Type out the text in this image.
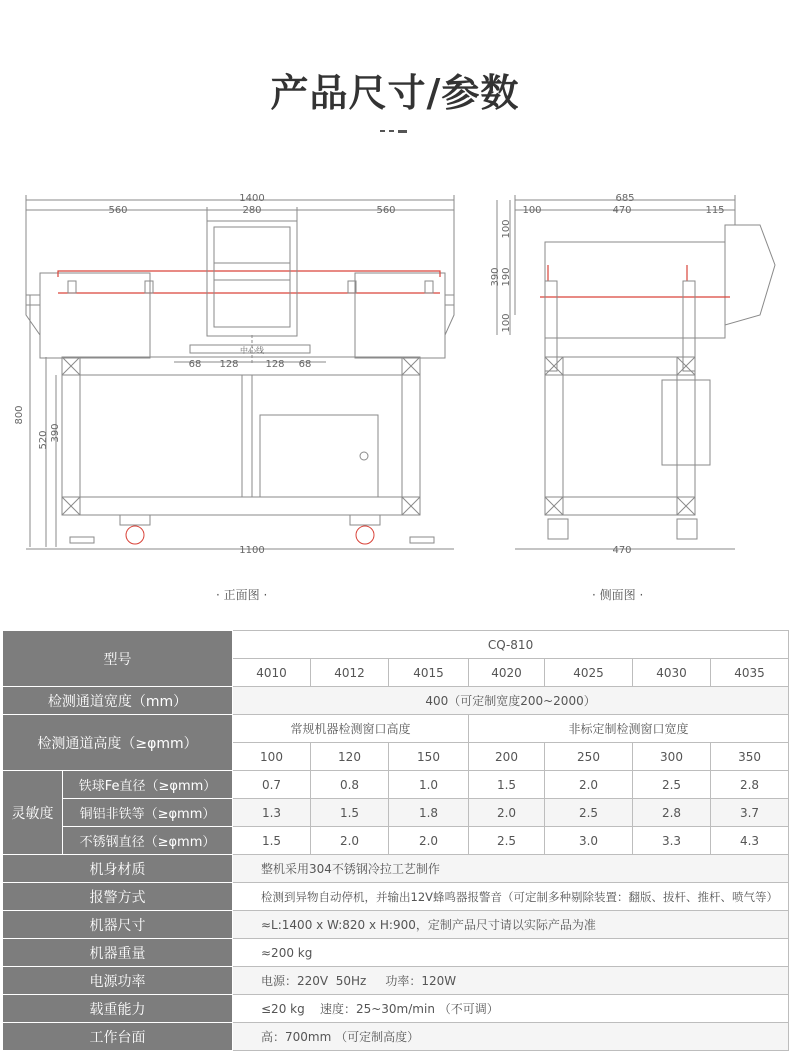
产品尺寸/参数
1400
560	280	560
68 128	128 68
中心线
1100
800
520 390
685
100	470	115
470
390
100
190
100
· 正面图 ·	· 侧面图 ·
型号		CQ-810						
		4010	4012	4015	4020	4025	4030	4035
检测通道宽度（mm）		400（可定制宽度200~2000）						
检测通道高度（≥φmm）		常规机器检测窗口高度			非标定制检测窗口宽度			
		100	120	150	200	250	300	350
灵敏度	铁球Fe直径（≥φmm）	0.7	0.8	1.0	1.5	2.0	2.5	2.8
	铜铝非铁等（≥φmm）	1.3	1.5	1.8	2.0	2.5	2.8	3.7
	不锈钢直径（≥φmm）	1.5	2.0	2.0	2.5	3.0	3.3	4.3
机身材质		整机采用304不锈钢冷拉工艺制作						
报警方式		检测到异物自动停机，并输出12V蜂鸣器报警音（可定制多种剔除装置：翻版、拔杆、推杆、喷气等）						
机器尺寸		≈L:1400 x W:820 x H:900，定制产品尺寸请以实际产品为准						
机器重量		≈200 kg						
电源功率		电源：220V  50Hz     功率：120W						
载重能力		≤20 kg    速度：25~30m/min （不可调）						
工作台面		高：700mm （可定制高度）						
